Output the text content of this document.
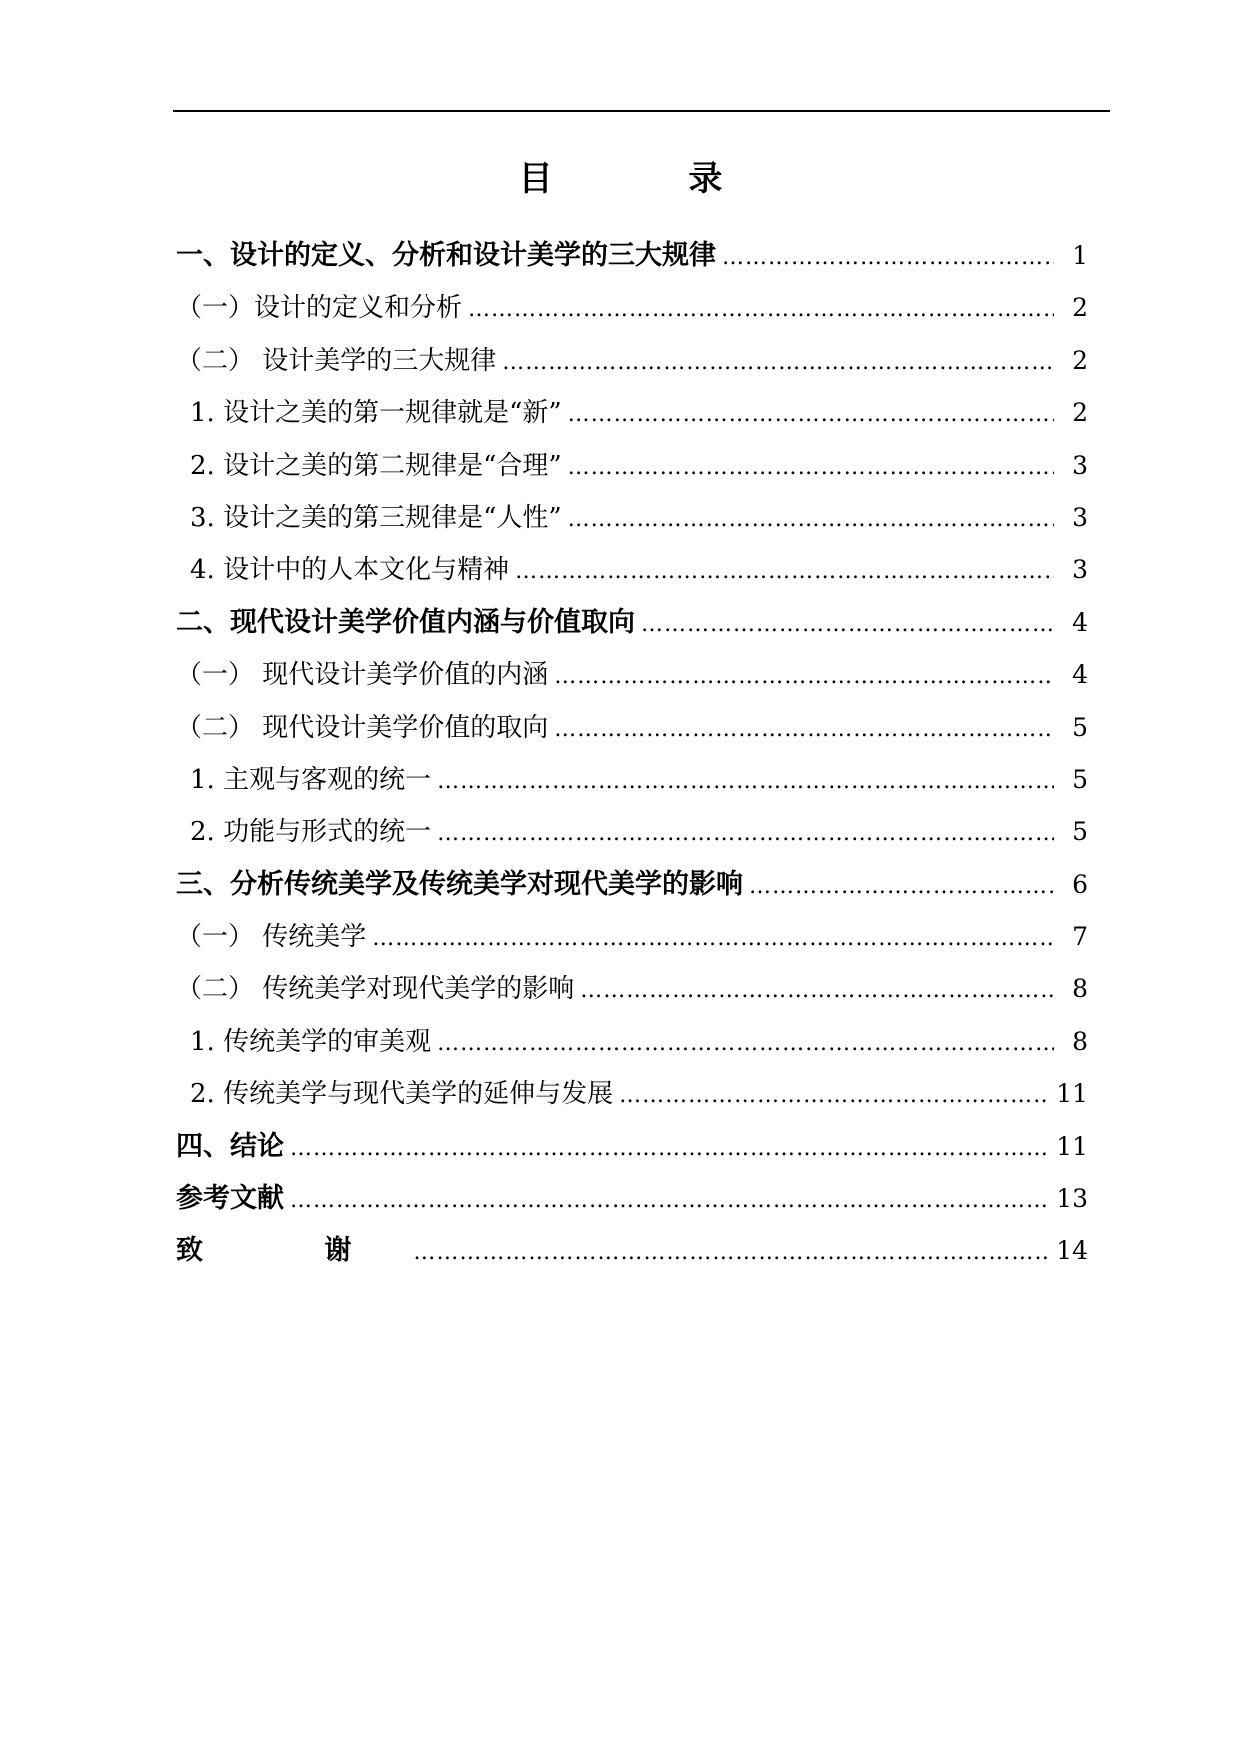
目 录
一、设计的定义、分析和设计美学的三大规律 ………………………………………………………………………………………………………………………………………………	1
（一）设计的定义和分析 ………………………………………………………………………………………………………………………………………………	2
（二） 设计美学的三大规律 ………………………………………………………………………………………………………………………………………………	2
1. 设计之美的第一规律就是“新” ………………………………………………………………………………………………………………………………………………	2
2. 设计之美的第二规律是“合理” ………………………………………………………………………………………………………………………………………………	3
3. 设计之美的第三规律是“人性” ………………………………………………………………………………………………………………………………………………	3
4. 设计中的人本文化与精神 ………………………………………………………………………………………………………………………………………………	3
二、现代设计美学价值内涵与价值取向 ………………………………………………………………………………………………………………………………………………	4
（一） 现代设计美学价值的内涵 ………………………………………………………………………………………………………………………………………………	4
（二） 现代设计美学价值的取向 ………………………………………………………………………………………………………………………………………………	5
1. 主观与客观的统一 ………………………………………………………………………………………………………………………………………………	5
2. 功能与形式的统一 ………………………………………………………………………………………………………………………………………………	5
三、分析传统美学及传统美学对现代美学的影响 ………………………………………………………………………………………………………………………………………………	6
（一） 传统美学 ………………………………………………………………………………………………………………………………………………	7
（二） 传统美学对现代美学的影响 ………………………………………………………………………………………………………………………………………………	8
1. 传统美学的审美观 ………………………………………………………………………………………………………………………………………………	8
2. 传统美学与现代美学的延伸与发展 ………………………………………………………………………………………………………………………………………………	11
四、结论 ………………………………………………………………………………………………………………………………………………	11
参考文献 ………………………………………………………………………………………………………………………………………………	13
致 谢 ………………………………………………………………………………………………………………………………………………	14
